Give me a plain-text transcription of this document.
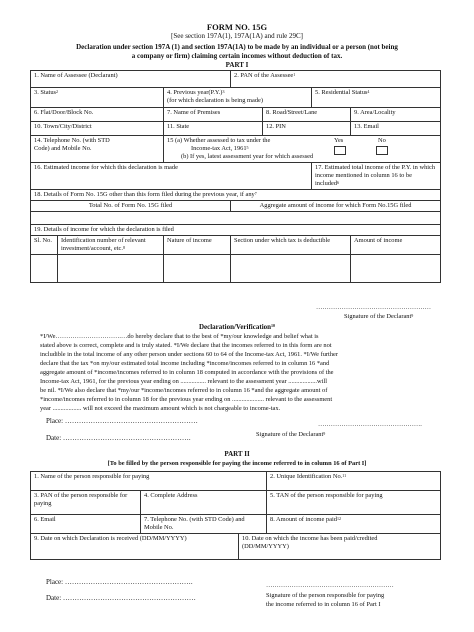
FORM NO. 15G
[See section 197A(1), 197A(1A) and rule 29C]
Declaration under section 197A (1) and section 197A(1A) to be made by an individual or a person (not being
a company or firm) claiming certain incomes without deduction of tax.
PART I
1. Name of Assessee (Declarant)			2. PAN of the Assessee$^1$
3. Status$^2$		4. Previous $year(P.Y.)^3$
(for which declaration is being made)			5. Residential Status$^4$
6. Flat/Door/Block No.		7. Name of Premises		8. Road/Street/Lane		9. Area/Locality
10. Town/City/District		11. State		12. PIN		13. Email
14. Telephone No. (with STD
Code) and Mobile No.		15 (a) Whether assessed to tax under the Yes No

Income-tax Act, 1961$^5$

(b) If yes, latest assessment year for which assessed				
16. Estimated income for which this declaration is made					17. Estimated total income of the P.Y. in which
income mentioned in column 16 to be included$^6$
18. Details of Form No. 15G other than this form filed during the previous year, if any$^7$
Total No. of Form No. 15G filed			Aggregate amount of income for which Form No.15G filed			

19. Details of income for which the declaration is filed						
Sl. No.	Identification number of relevant investment/account, etc.$^8$	Nature of income	Section under which tax is deductible			Amount of income

………………………………………………
Signature of the Declarant$^9$
Declaration/Verification$^{10}$
*I/We………………………….…do hereby declare that to the best of *my/our knowledge and belief what is
stated above is correct, complete and is truly stated. *I/We declare that the incomes referred to in this form are not
includible in the total income of any other person under sections 60 to 64 of the Income-tax Act, 1961. *I/We further
declare that the tax *on my/our estimated total income including *income/incomes referred to in column 16 *and
aggregate amount of *income/incomes referred to in column 18 computed in accordance with the provisions of the
Income-tax Act, 1961, for the previous year ending on ................ relevant to the assessment year ..................will
be nil. *I/We also declare that *my/our *income/incomes referred to in column 16 *and the aggregate amount of
*income/incomes referred to in column 18 for the previous year ending on .................... relevant to the assessment
year .................. will not exceed the maximum amount which is not chargeable to income-tax.
Place: …………………………………………………	………………………………………….
Signature of the Declarant$^9$
Date: ……………………………………………….
PART II
[To be filled by the person responsible for paying the income referred to in column 16 of Part I]
1. Name of the person responsible for paying			2. Unique Identification No.$^{11}$
3. PAN of the person responsible for paying	4. Complete Address		5. TAN of the person responsible for paying
6. Email	7. Telephone No. (with STD Code) and Mobile No.		8. Amount of income paid$^{12}$
9. Date on which Declaration is received (DD/MM/YYYY)		10. Date on which the income has been paid/credited
(DD/MM/YYYY)	
Place: ……………………………………………….	……………………………………………………
Date: …………………………………………………	Signature of the person responsible for paying
the income referred to in column 16 of Part I
